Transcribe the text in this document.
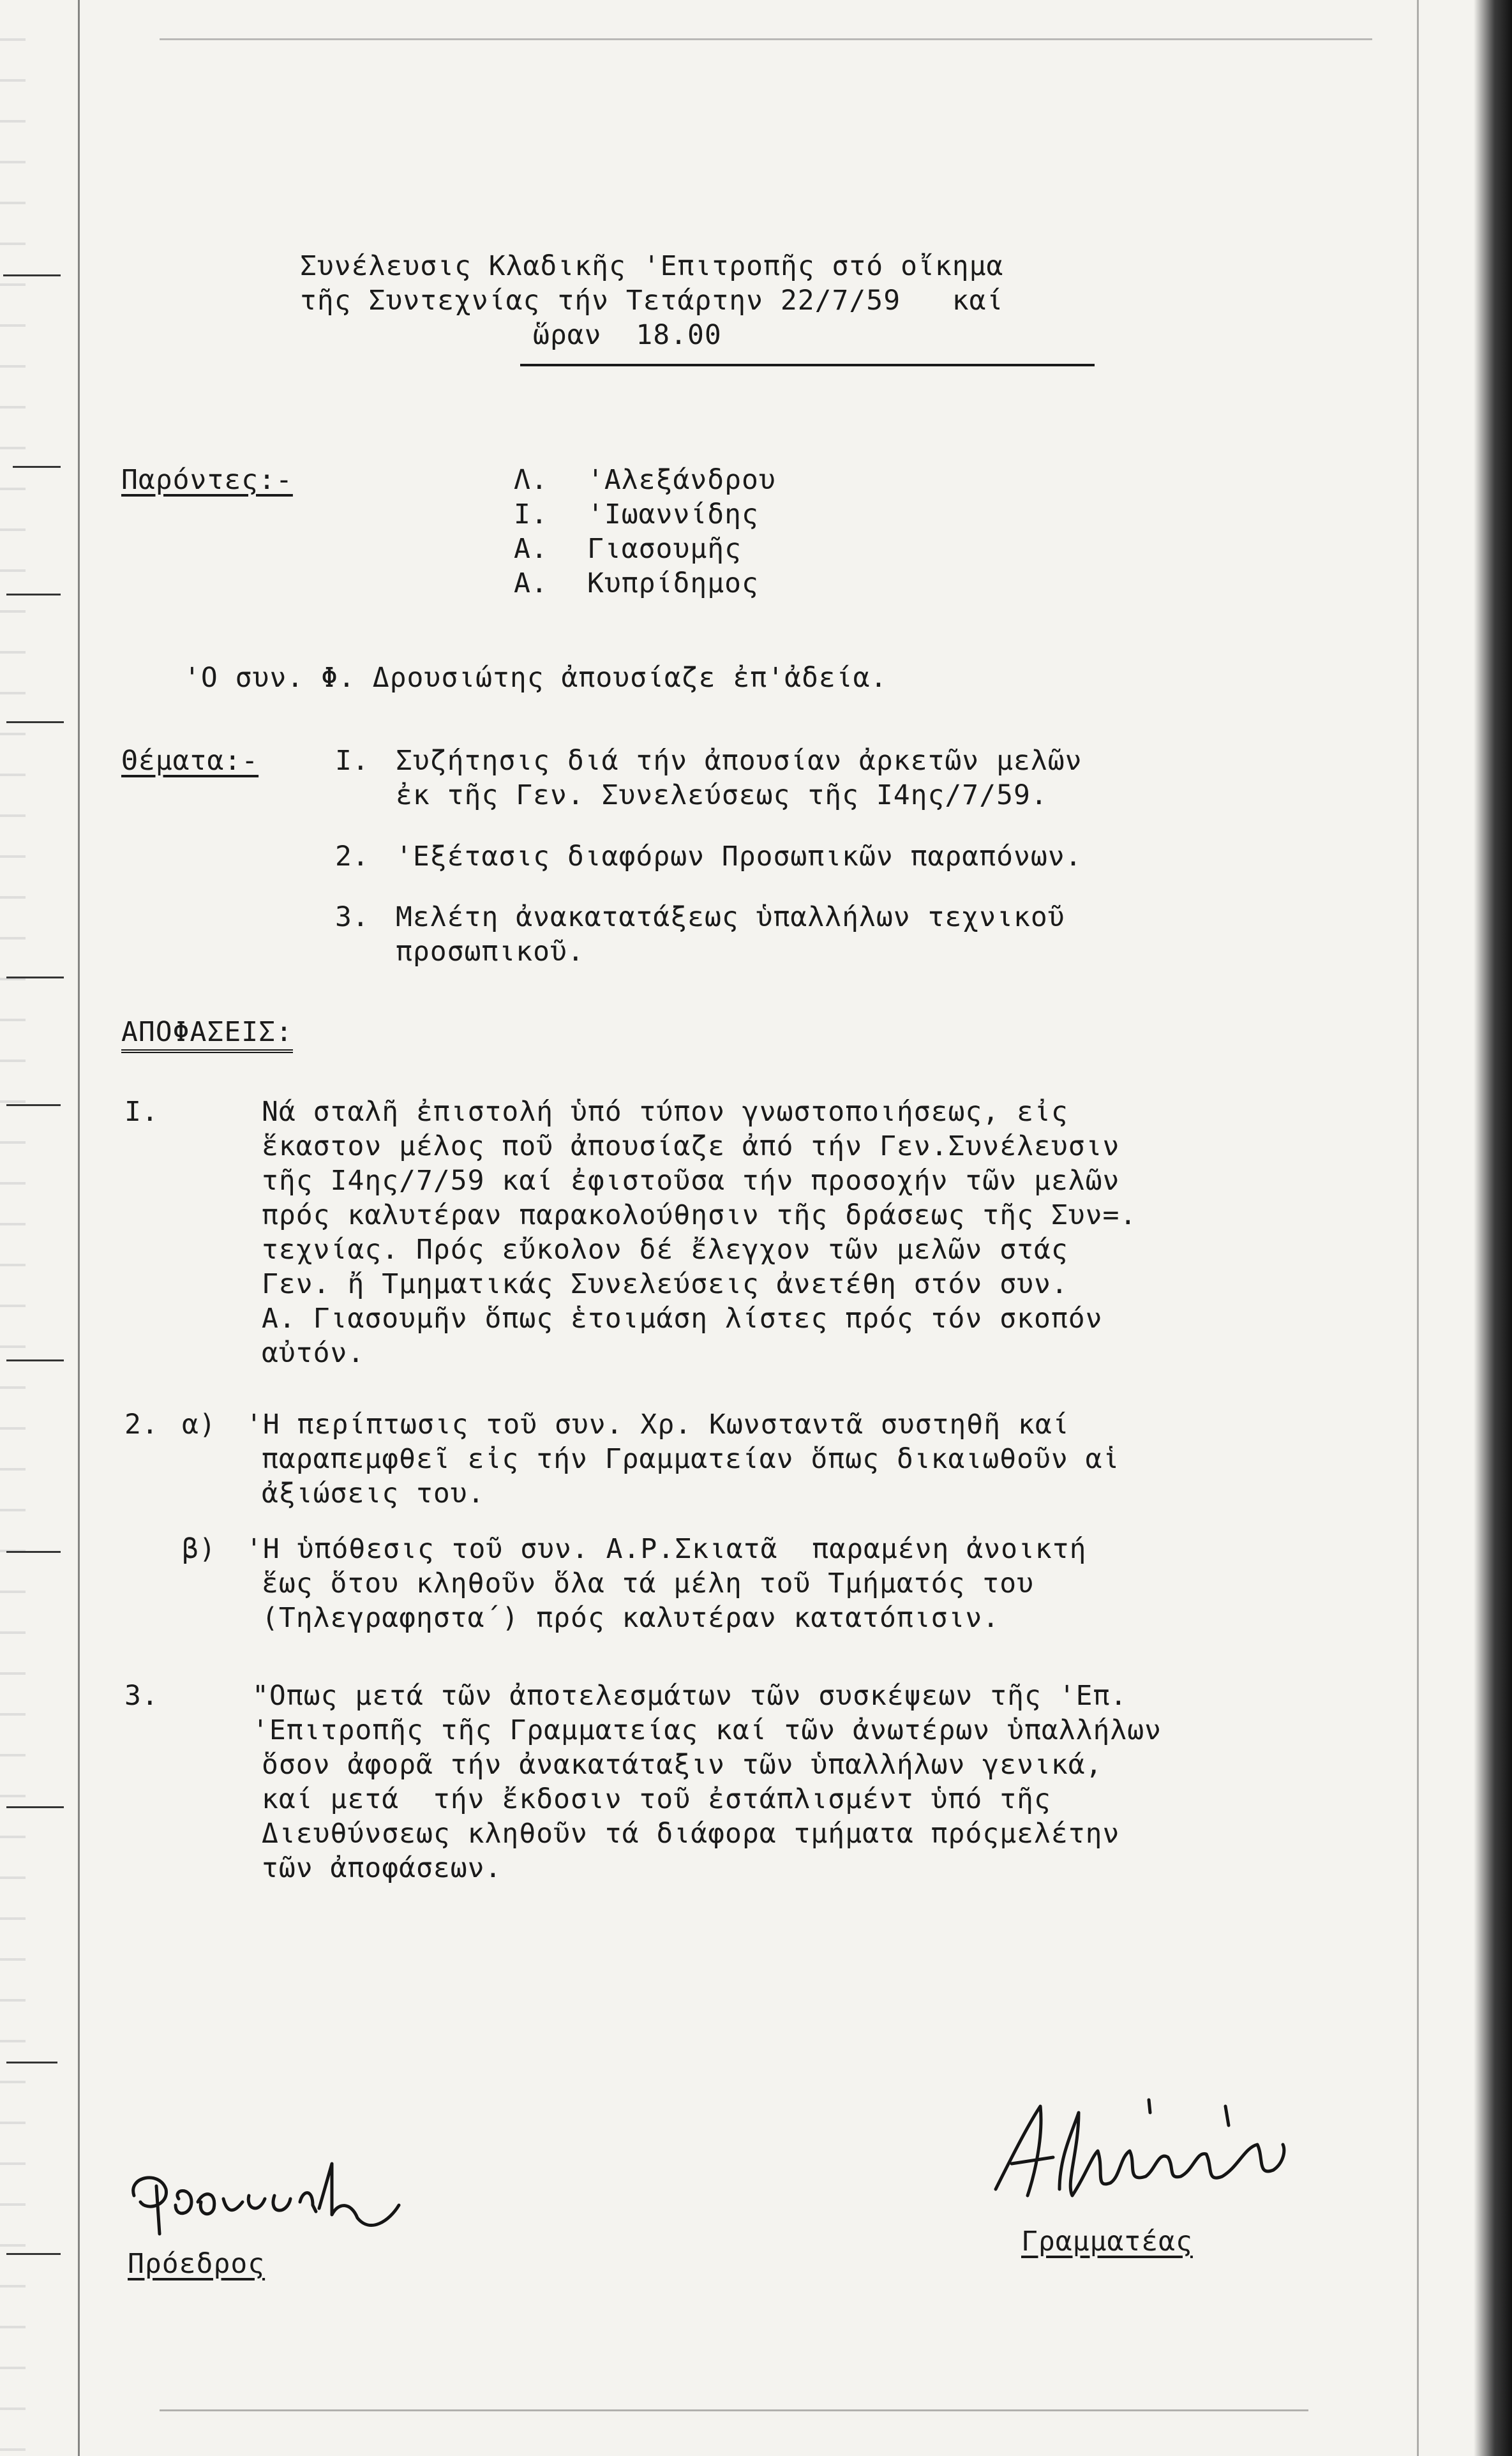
Συνέλευσις Κλαδικῆς 'Επιτροπῆς στό οἴκημα
τῆς Συντεχνίας τήν Τετάρτην 22/7/59   καί
ὥραν  18.00
Παρόντες:-	Λ. 'Αλεξάνδρου
Ι. 'Ιωαννίδης
Α. Γιασουμῆς
Α. Κυπρίδημος
'Ο συν. Φ. Δρουσιώτης ἀπουσίαζε ἐπ'ἀδεία.
Θέματα:-	Ι. Συζήτησις διά τήν ἀπουσίαν ἀρκετῶν μελῶν
ἐκ τῆς Γεν. Συνελεύσεως τῆς Ι4ης/7/59.
2. 'Εξέτασις διαφόρων Προσωπικῶν παραπόνων.
3. Μελέτη ἀνακατατάξεως ὑπαλλήλων τεχνικοῦ
προσωπικοῦ.
ΑΠΟΦΑΣΕΙΣ:
Ι.	Νά σταλῆ ἐπιστολή ὑπό τύπον γνωστοποιήσεως, εἰς
ἕκαστον μέλος ποῦ ἀπουσίαζε ἀπό τήν Γεν.Συνέλευσιν
τῆς Ι4ης/7/59 καί ἐφιστοῦσα τήν προσοχήν τῶν μελῶν
πρός καλυτέραν παρακολούθησιν τῆς δράσεως τῆς Συν=.
τεχνίας. Πρός εὔκολον δέ ἔλεγχον τῶν μελῶν στάς
Γεν. ἤ Τμηματικάς Συνελεύσεις ἀνετέθη στόν συν.
Α. Γιασουμῆν ὅπως ἑτοιμάση λίστες πρός τόν σκοπόν
αὐτόν.
2. α) 'Η περίπτωσις τοῦ συν. Χρ. Κωνσταντᾶ συστηθῆ καί
παραπεμφθεῖ εἰς τήν Γραμματείαν ὅπως δικαιωθοῦν αἱ
ἀξιώσεις του.
β) 'Η ὑπόθεσις τοῦ συν. Α.Ρ.Σκιατᾶ  παραμένη ἀνοικτή
ἕως ὅτου κληθοῦν ὅλα τά μέλη τοῦ Τμήματός του
(Τηλεγραφηστα΄) πρός καλυτέραν κατατόπισιν.
3.	"Οπως μετά τῶν ἀποτελεσμάτων τῶν συσκέψεων τῆς 'Επ.
'Επιτροπῆς τῆς Γραμματείας καί τῶν ἀνωτέρων ὑπαλλήλων
ὅσον ἀφορᾶ τήν ἀνακατάταξιν τῶν ὑπαλλήλων γενικά,
καί μετά  τήν ἔκδοσιν τοῦ ἐστάπλισμέντ ὑπό τῆς
Διευθύνσεως κληθοῦν τά διάφορα τμήματα πρόςμελέτην
τῶν ἀποφάσεων.
Πρόεδρος
Γραμματέας
